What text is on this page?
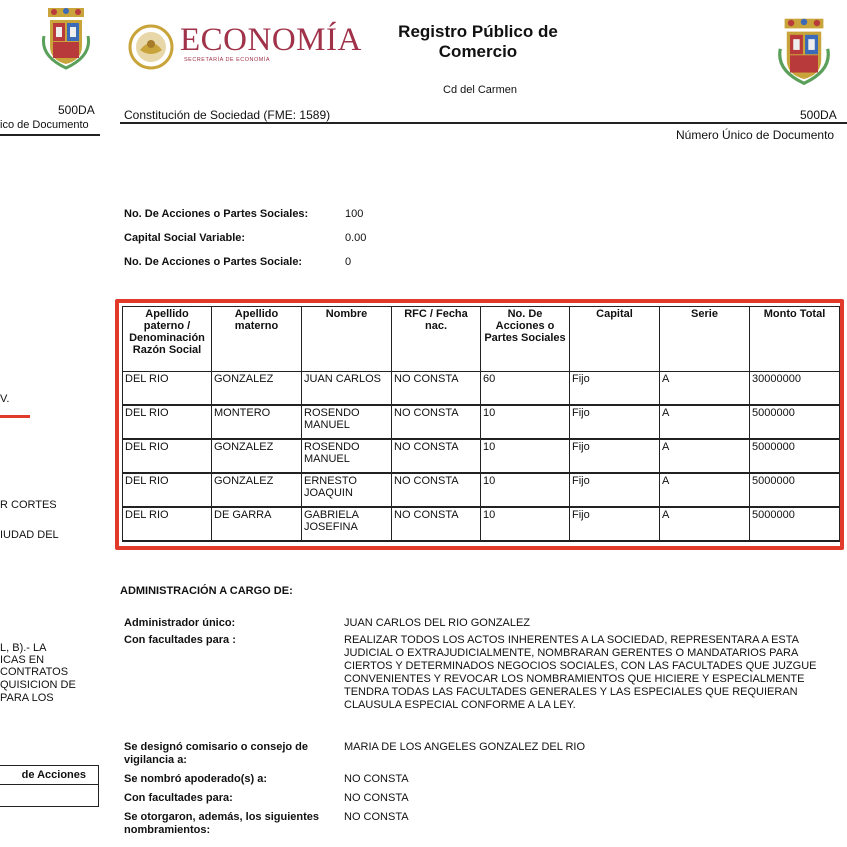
500DA
ico de Documento
V.
R CORTES
IUDAD DEL
L, B).- LA
ICAS EN
CONTRATOS
QUISICION DE
PARA LOS
de Acciones
ECONOMÍA
SECRETARÍA DE ECONOMÍA
Registro Público de Comercio
Cd del Carmen
Constitución de Sociedad (FME: 1589)	500DA
Número Único de Documento
No. De Acciones o Partes Sociales:	100
Capital Social Variable:	0.00
No. De Acciones o Partes Sociale:	0
Apellido paterno / Denominación Razón Social	Apellido materno	Nombre	RFC / Fecha nac.	No. De Acciones o Partes Sociales	Capital	Serie	Monto Total
DEL RIO	GONZALEZ	JUAN CARLOS	NO CONSTA	60	Fijo	A	30000000
DEL RIO	MONTERO	ROSENDO MANUEL	NO CONSTA	10	Fijo	A	5000000
DEL RIO	GONZALEZ	ROSENDO MANUEL	NO CONSTA	10	Fijo	A	5000000
DEL RIO	GONZALEZ	ERNESTO JOAQUIN	NO CONSTA	10	Fijo	A	5000000
DEL RIO	DE GARRA	GABRIELA JOSEFINA	NO CONSTA	10	Fijo	A	5000000
ADMINISTRACIÓN A CARGO DE:
Administrador único:	JUAN CARLOS DEL RIO GONZALEZ
Con facultades para :	REALIZAR TODOS LOS ACTOS INHERENTES A LA SOCIEDAD, REPRESENTARA A ESTA JUDICIAL O EXTRAJUDICIALMENTE, NOMBRARAN GERENTES O MANDATARIOS PARA CIERTOS Y DETERMINADOS NEGOCIOS SOCIALES, CON LAS FACULTADES QUE JUZGUE CONVENIENTES Y REVOCAR LOS NOMBRAMIENTOS QUE HICIERE Y ESPECIALMENTE TENDRA TODAS LAS FACULTADES GENERALES Y LAS ESPECIALES QUE REQUIERAN CLAUSULA ESPECIAL CONFORME A LA LEY.
Se designó comisario o consejo de vigilancia a:
MARIA DE LOS ANGELES GONZALEZ DEL RIO
Se nombró apoderado(s) a:	NO CONSTA
Con facultades para:	NO CONSTA
Se otorgaron, además, los siguientes nombramientos:
NO CONSTA
